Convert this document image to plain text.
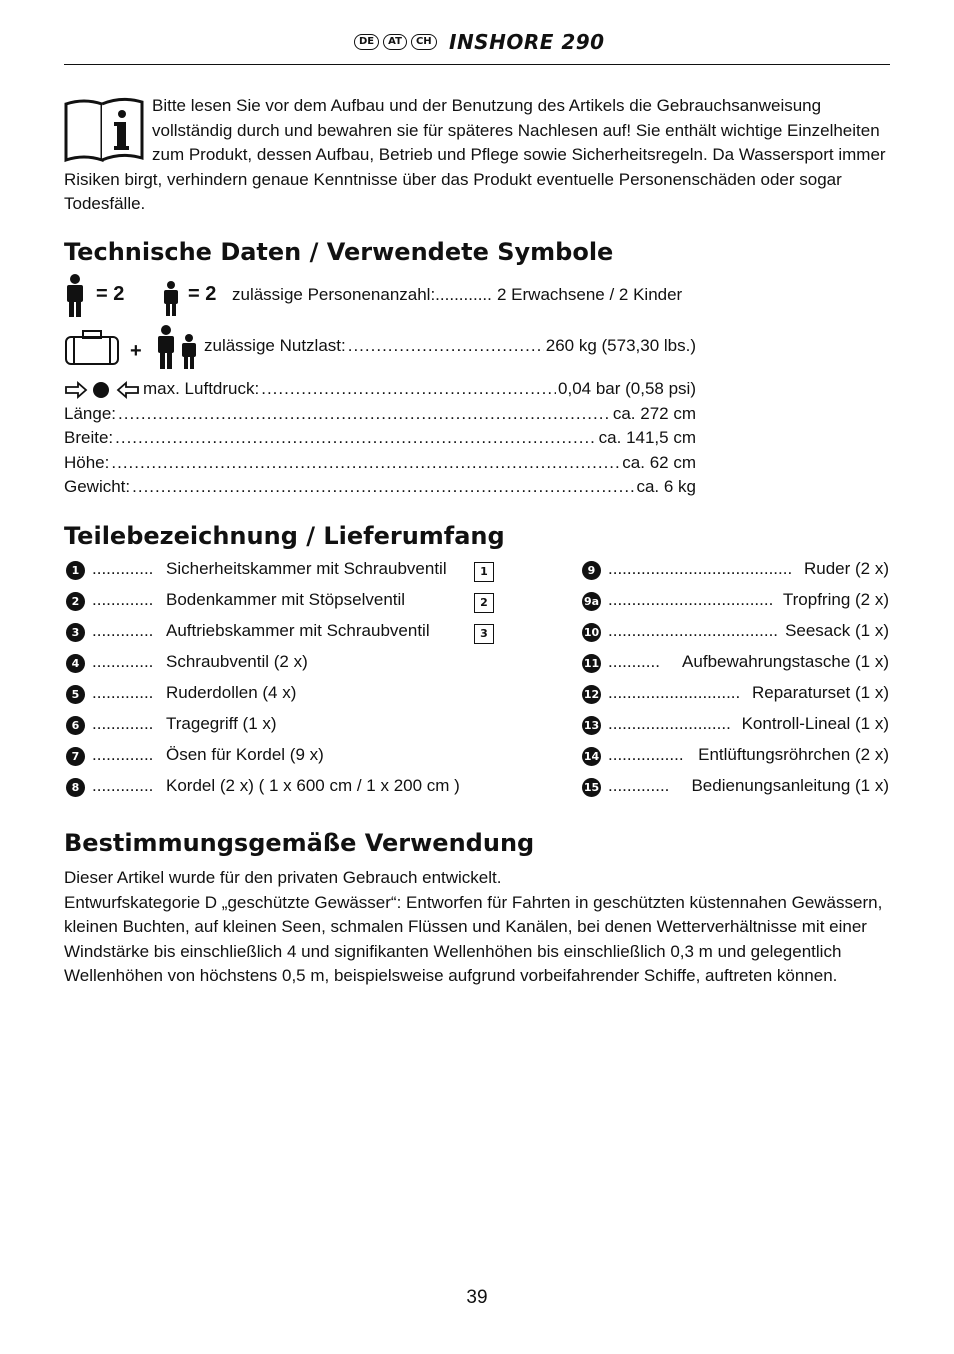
DE	AT	CH INSHORE 290
Bitte lesen Sie vor dem Aufbau und der Benutzung des Artikels die Gebrauchsanweisung vollständig durch und bewahren sie für späteres Nachlesen auf! Sie enthält wichtige Einzelheiten zum Produkt, dessen Aufbau, Betrieb und Pflege sowie Sicherheitsregeln. Da Wassersport immer Risiken birgt, verhindern genaue Kenntnisse über das Produkt eventuelle Personenschäden oder sogar Todesfälle.
Technische Daten / Verwendete Symbole
= 2	= 2 zulässige Personenanzahl:............ 2 Erwachsene / 2 Kinder
+	zulässige Nutzlast: .....	260 kg (573,30 lbs.)
max. Luftdruck: .....	0,04 bar (0,58 psi)
Länge: .....	ca. 272 cm
Breite: .....	ca. 141,5 cm
Höhe: .....	ca. 62 cm
Gewicht: .....	ca. 6 kg
Teilebezeichnung / Lieferumfang
1 ............. Sicherheitskammer mit Schraubventil	1
2 ............. Bodenkammer mit Stöpselventil	2
3 ............. Auftriebskammer mit Schraubventil	3
4 ............. Schraubventil (2 x)
5 ............. Ruderdollen (4 x)
6 ............. Tragegriff (1 x)
7 ............. Ösen für Kordel (9 x)
8 ............. Kordel (2 x) ( 1 x 600 cm / 1 x 200 cm )
9 ....................................... Ruder (2 x)
9a ................................... Tropfring (2 x)
10 .................................... Seesack (1 x)
11 ........... Aufbewahrungstasche (1 x)
12 ............................ Reparaturset (1 x)
13 .......................... Kontroll-Lineal (1 x)
14 ................ Entlüftungsröhrchen (2 x)
15 ............. Bedienungsanleitung (1 x)
Bestimmungsgemäße Verwendung

Dieser Artikel wurde für den privaten Gebrauch entwickelt.

Entwurfskategorie D „geschützte Gewässer“: Entworfen für Fahrten in geschützten küstennahen Gewässern, kleinen Buchten, auf kleinen Seen, schmalen Flüssen und Kanälen, bei denen Wetterverhältnisse mit einer Windstärke bis einschließlich 4 und signifikanten Wellenhöhen bis einschließlich 0,3 m und gelegentlich Wellenhöhen von höchstens 0,5 m, beispielsweise aufgrund vorbeifahrender Schiffe, auftreten können.

39
